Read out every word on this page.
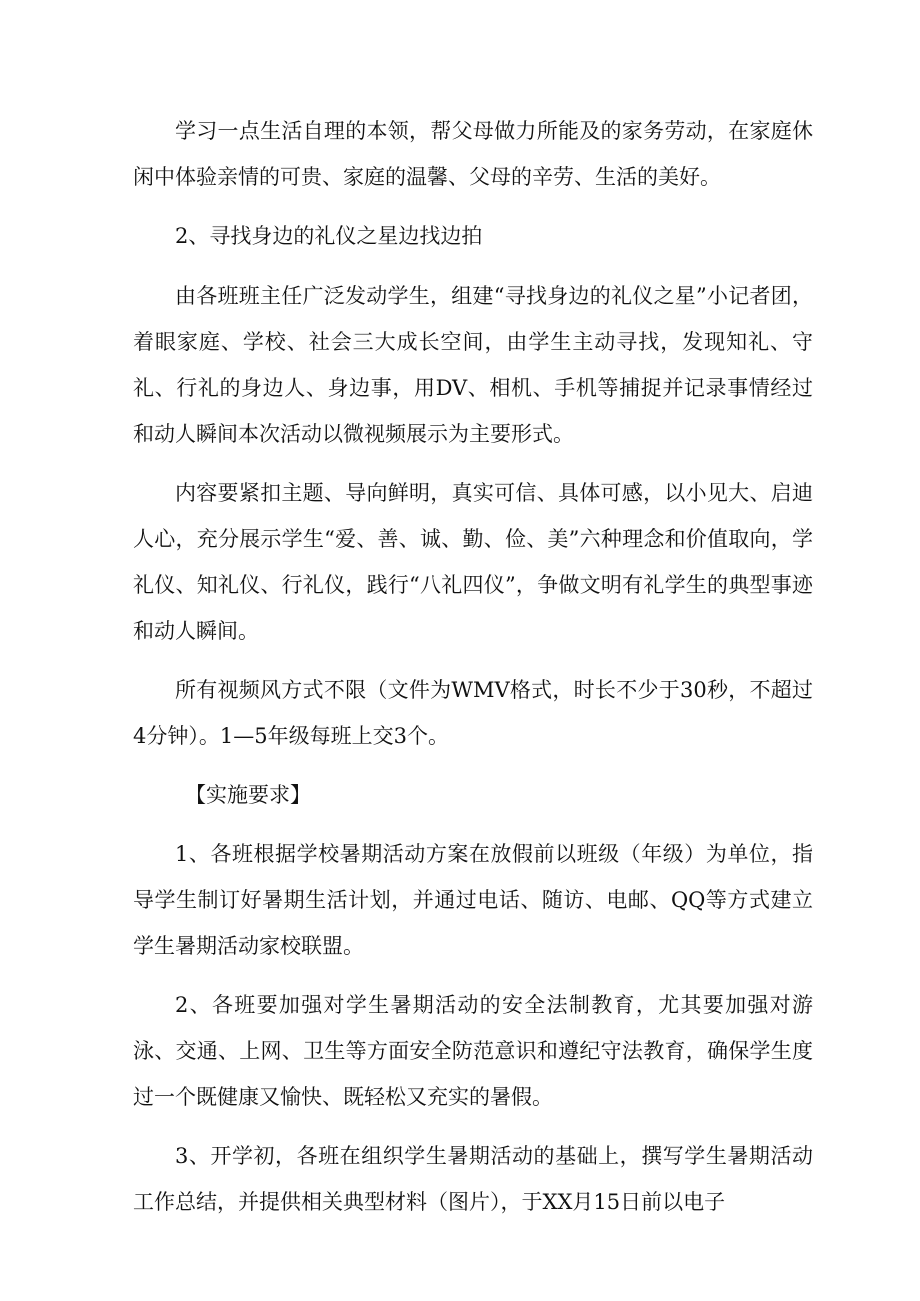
学习一点生活自理的本领，帮父母做力所能及的家务劳动，在家庭休闲中体验亲情的可贵、家庭的温馨、父母的辛劳、生活的美好。

2、寻找身边的礼仪之星边找边拍

由各班班主任广泛发动学生，组建“寻找身边的礼仪之星”小记者团，着眼家庭、学校、社会三大成长空间，由学生主动寻找，发现知礼、守礼、行礼的身边人、身边事，用DV、相机、手机等捕捉并记录事情经过和动人瞬间本次活动以微视频展示为主要形式。

内容要紧扣主题、导向鲜明，真实可信、具体可感，以小见大、启迪人心，充分展示学生“爱、善、诚、勤、俭、美”六种理念和价值取向，学礼仪、知礼仪、行礼仪，践行“八礼四仪”，争做文明有礼学生的典型事迹和动人瞬间。

所有视频风方式不限（文件为WMV格式，时长不少于30秒，不超过4分钟）。1—5年级每班上交3个。

【实施要求】

1、各班根据学校暑期活动方案在放假前以班级（年级）为单位，指导学生制订好暑期生活计划，并通过电话、随访、电邮、QQ等方式建立学生暑期活动家校联盟。

2、各班要加强对学生暑期活动的安全法制教育，尤其要加强对游泳、交通、上网、卫生等方面安全防范意识和遵纪守法教育，确保学生度过一个既健康又愉快、既轻松又充实的暑假。

3、开学初，各班在组织学生暑期活动的基础上，撰写学生暑期活动工作总结，并提供相关典型材料（图片），于XX月15日前以电子
